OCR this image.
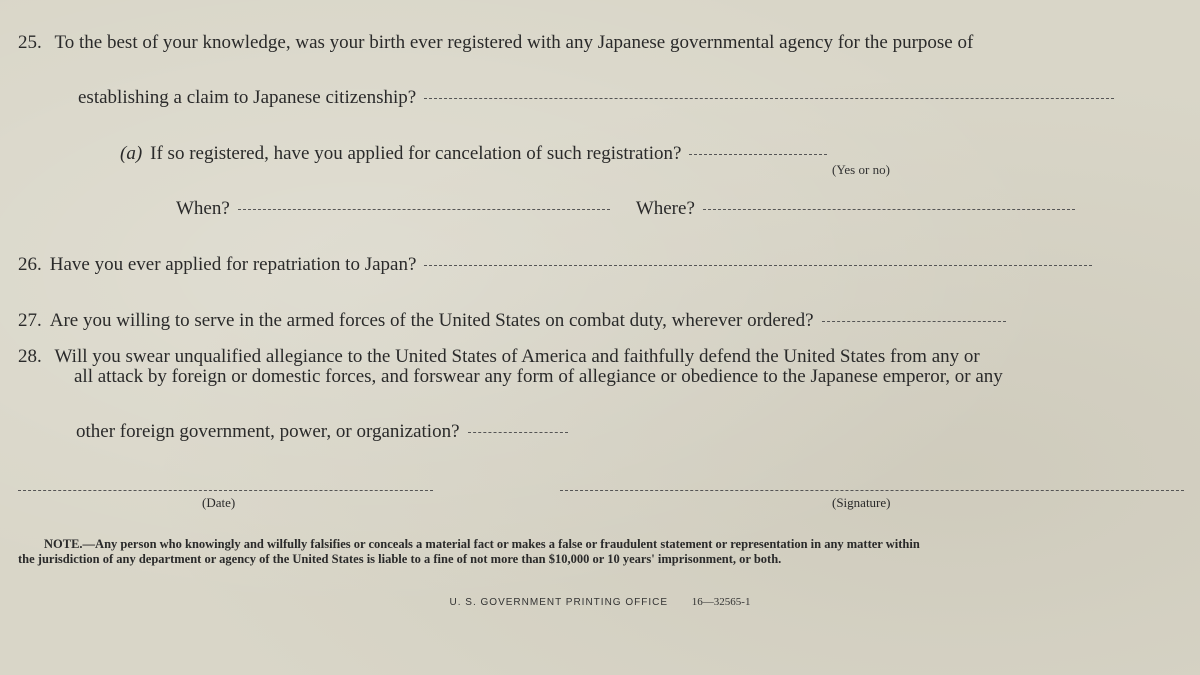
25. To the best of your knowledge, was your birth ever registered with any Japanese governmental agency for the purpose of
establishing a claim to Japanese citizenship?
(a) If so registered, have you applied for cancelation of such registration?
(Yes or no)
When?	Where?
26. Have you ever applied for repatriation to Japan?
27. Are you willing to serve in the armed forces of the United States on combat duty, wherever ordered?
28. Will you swear unqualified allegiance to the United States of America and faithfully defend the United States from any or
all attack by foreign or domestic forces, and forswear any form of allegiance or obedience to the Japanese emperor, or any
other foreign government, power, or organization?
(Date)	(Signature)

NOTE.—Any person who knowingly and wilfully falsifies or conceals a material fact or makes a false or fraudulent statement or representation in any matter within

the jurisdiction of any department or agency of the United States is liable to a fine of not more than $10,000 or 10 years' imprisonment, or both.

U. S. GOVERNMENT PRINTING OFFICE 16—32565-1
